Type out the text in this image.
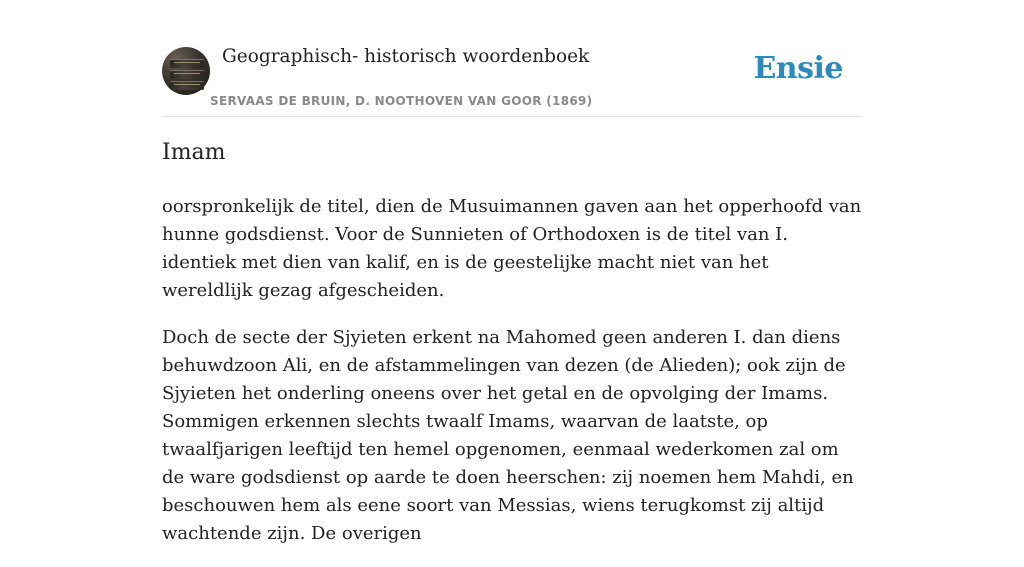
Geographisch- historisch woordenboek
SERVAAS DE BRUIN, D. NOOTHOVEN VAN GOOR (1869)
Ensie
Imam

oorspronkelijk de titel, dien de Musuimannen gaven aan het opperhoofd van hunne godsdienst. Voor de Sunnieten of Orthodoxen is de titel van I. identiek met dien van kalif, en is de geestelijke macht niet van het wereldlijk gezag afgescheiden.

Doch de secte der Sjyieten erkent na Mahomed geen anderen I. dan diens behuwdzoon Ali, en de afstammelingen van dezen (de Alieden); ook zijn de Sjyieten het onderling oneens over het getal en de opvolging der Imams. Sommigen erkennen slechts twaalf Imams, waarvan de laatste, op twaalfjarigen leeftijd ten hemel opgenomen, eenmaal wederkomen zal om de ware godsdienst op aarde te doen heerschen: zij noemen hem Mahdi, en beschouwen hem als eene soort van Messias, wiens terugkomst zij altijd wachtende zijn. De overigen
